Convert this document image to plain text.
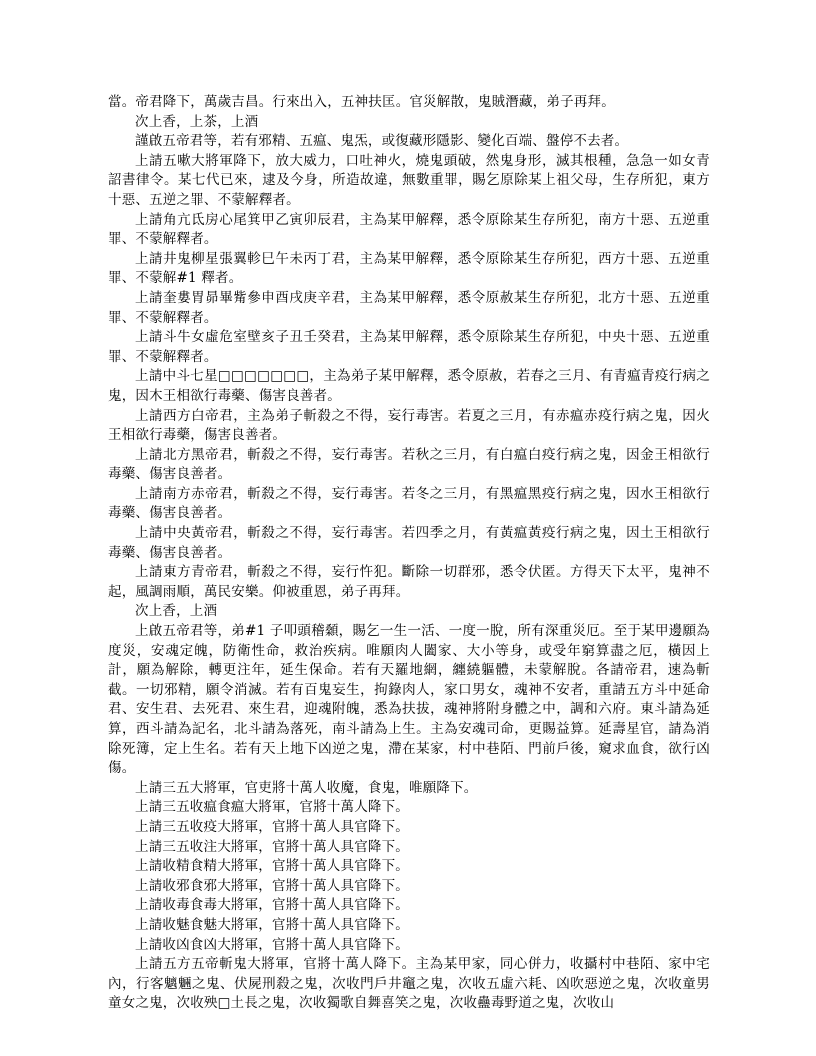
當。帝君降下，萬歲吉昌。行來出入，五神扶匡。官災解散，鬼賊潛藏，弟子再拜。

次上香，上茶，上酒

謹啟五帝君等，若有邪精、五瘟、鬼炁，或復藏形隱影、變化百端、盤停不去者。

上請五嗽大將軍降下，放大威力，口吐神火，燒鬼頭破，然鬼身形，滅其根種，急急一如女青詔書律令。某七代已來，逮及今身，所造故違，無數重罪，賜乞原除某上祖父母，生存所犯，東方十惡、五逆之罪、不蒙解釋者。

上請角亢氐房心尾箕甲乙寅卯辰君，主為某甲解釋，悉令原除某生存所犯，南方十惡、五逆重罪、不蒙解釋者。

上請井鬼柳星張翼軫巳午未丙丁君，主為某甲解釋，悉令原除某生存所犯，西方十惡、五逆重罪、不蒙解#1 釋者。

上請奎婁胃昴畢觜參申酉戌庚辛君，主為某甲解釋，悉令原赦某生存所犯，北方十惡、五逆重罪、不蒙解釋者。

上請斗牛女虛危室壁亥子丑壬癸君，主為某甲解釋，悉令原除某生存所犯，中央十惡、五逆重罪、不蒙解釋者。

上請中斗七星□□□□□□□，主為弟子某甲解釋，悉令原赦，若春之三月、有青瘟青疫行病之鬼，因木王相欲行毒藥、傷害良善者。

上請西方白帝君，主為弟子斬殺之不得，妄行毒害。若夏之三月，有赤瘟赤疫行病之鬼，因火王相欲行毒藥，傷害良善者。

上請北方黑帝君，斬殺之不得，妄行毒害。若秋之三月，有白瘟白疫行病之鬼，因金王相欲行毒藥、傷害良善者。

上請南方赤帝君，斬殺之不得，妄行毒害。若冬之三月，有黑瘟黑疫行病之鬼，因水王相欲行毒藥、傷害良善者。

上請中央黃帝君，斬殺之不得，妄行毒害。若四季之月，有黃瘟黃疫行病之鬼，因土王相欲行毒藥、傷害良善者。

上請東方青帝君，斬殺之不得，妄行忤犯。斷除一切群邪，悉令伏匿。方得天下太平，鬼神不起，風調雨順，萬民安樂。仰被重恩，弟子再拜。

次上香，上酒

上啟五帝君等，弟#1 子叩頭稽顙，賜乞一生一活、一度一脫，所有深重災厄。至于某甲邊願為度災，安魂定魄，防衛性命，救治疾病。唯願肉人闔家、大小等身，或受年窮算盡之厄，橫因上計，願為解除，轉更注年，延生保命。若有天羅地網，纏繞軀體，未蒙解脫。各請帝君，速為斬截。一切邪精，願令消滅。若有百鬼妄生，拘錄肉人，家口男女，魂神不安者，重請五方斗中延命君、安生君、去死君、來生君，迎魂附魄，悉為扶拔，魂神將附身體之中，調和六府。東斗請為延算，西斗請為記名，北斗請為落死，南斗請為上生。主為安魂司命，更賜益算。延壽星官，請為消除死簿，定上生名。若有天上地下凶逆之鬼，滯在某家，村中巷陌、門前戶後，窺求血食，欲行凶傷。

上請三五大將軍，官吏將十萬人收魔，食鬼，唯願降下。

上請三五收瘟食瘟大將軍，官將十萬人降下。

上請三五收疫大將軍，官將十萬人具官降下。

上請三五收注大將軍，官將十萬人具官降下。

上請收精食精大將軍，官將十萬人具官降下。

上請收邪食邪大將軍，官將十萬人具官降下。

上請收毒食毒大將軍，官將十萬人具官降下。

上請收魅食魅大將軍，官將十萬人具官降下。

上請收凶食凶大將軍，官將十萬人具官降下。

上請五方五帝斬鬼大將軍，官將十萬人降下。主為某甲家，同心併力，收攝村中巷陌、家中宅內，行客魑魎之鬼、伏屍刑殺之鬼，次收門戶井竈之鬼，次收五虛六耗、凶吹惡逆之鬼，次收童男童女之鬼，次收殃□土長之鬼，次收獨歌自舞喜笑之鬼，次收蠱毒野道之鬼，次收山
